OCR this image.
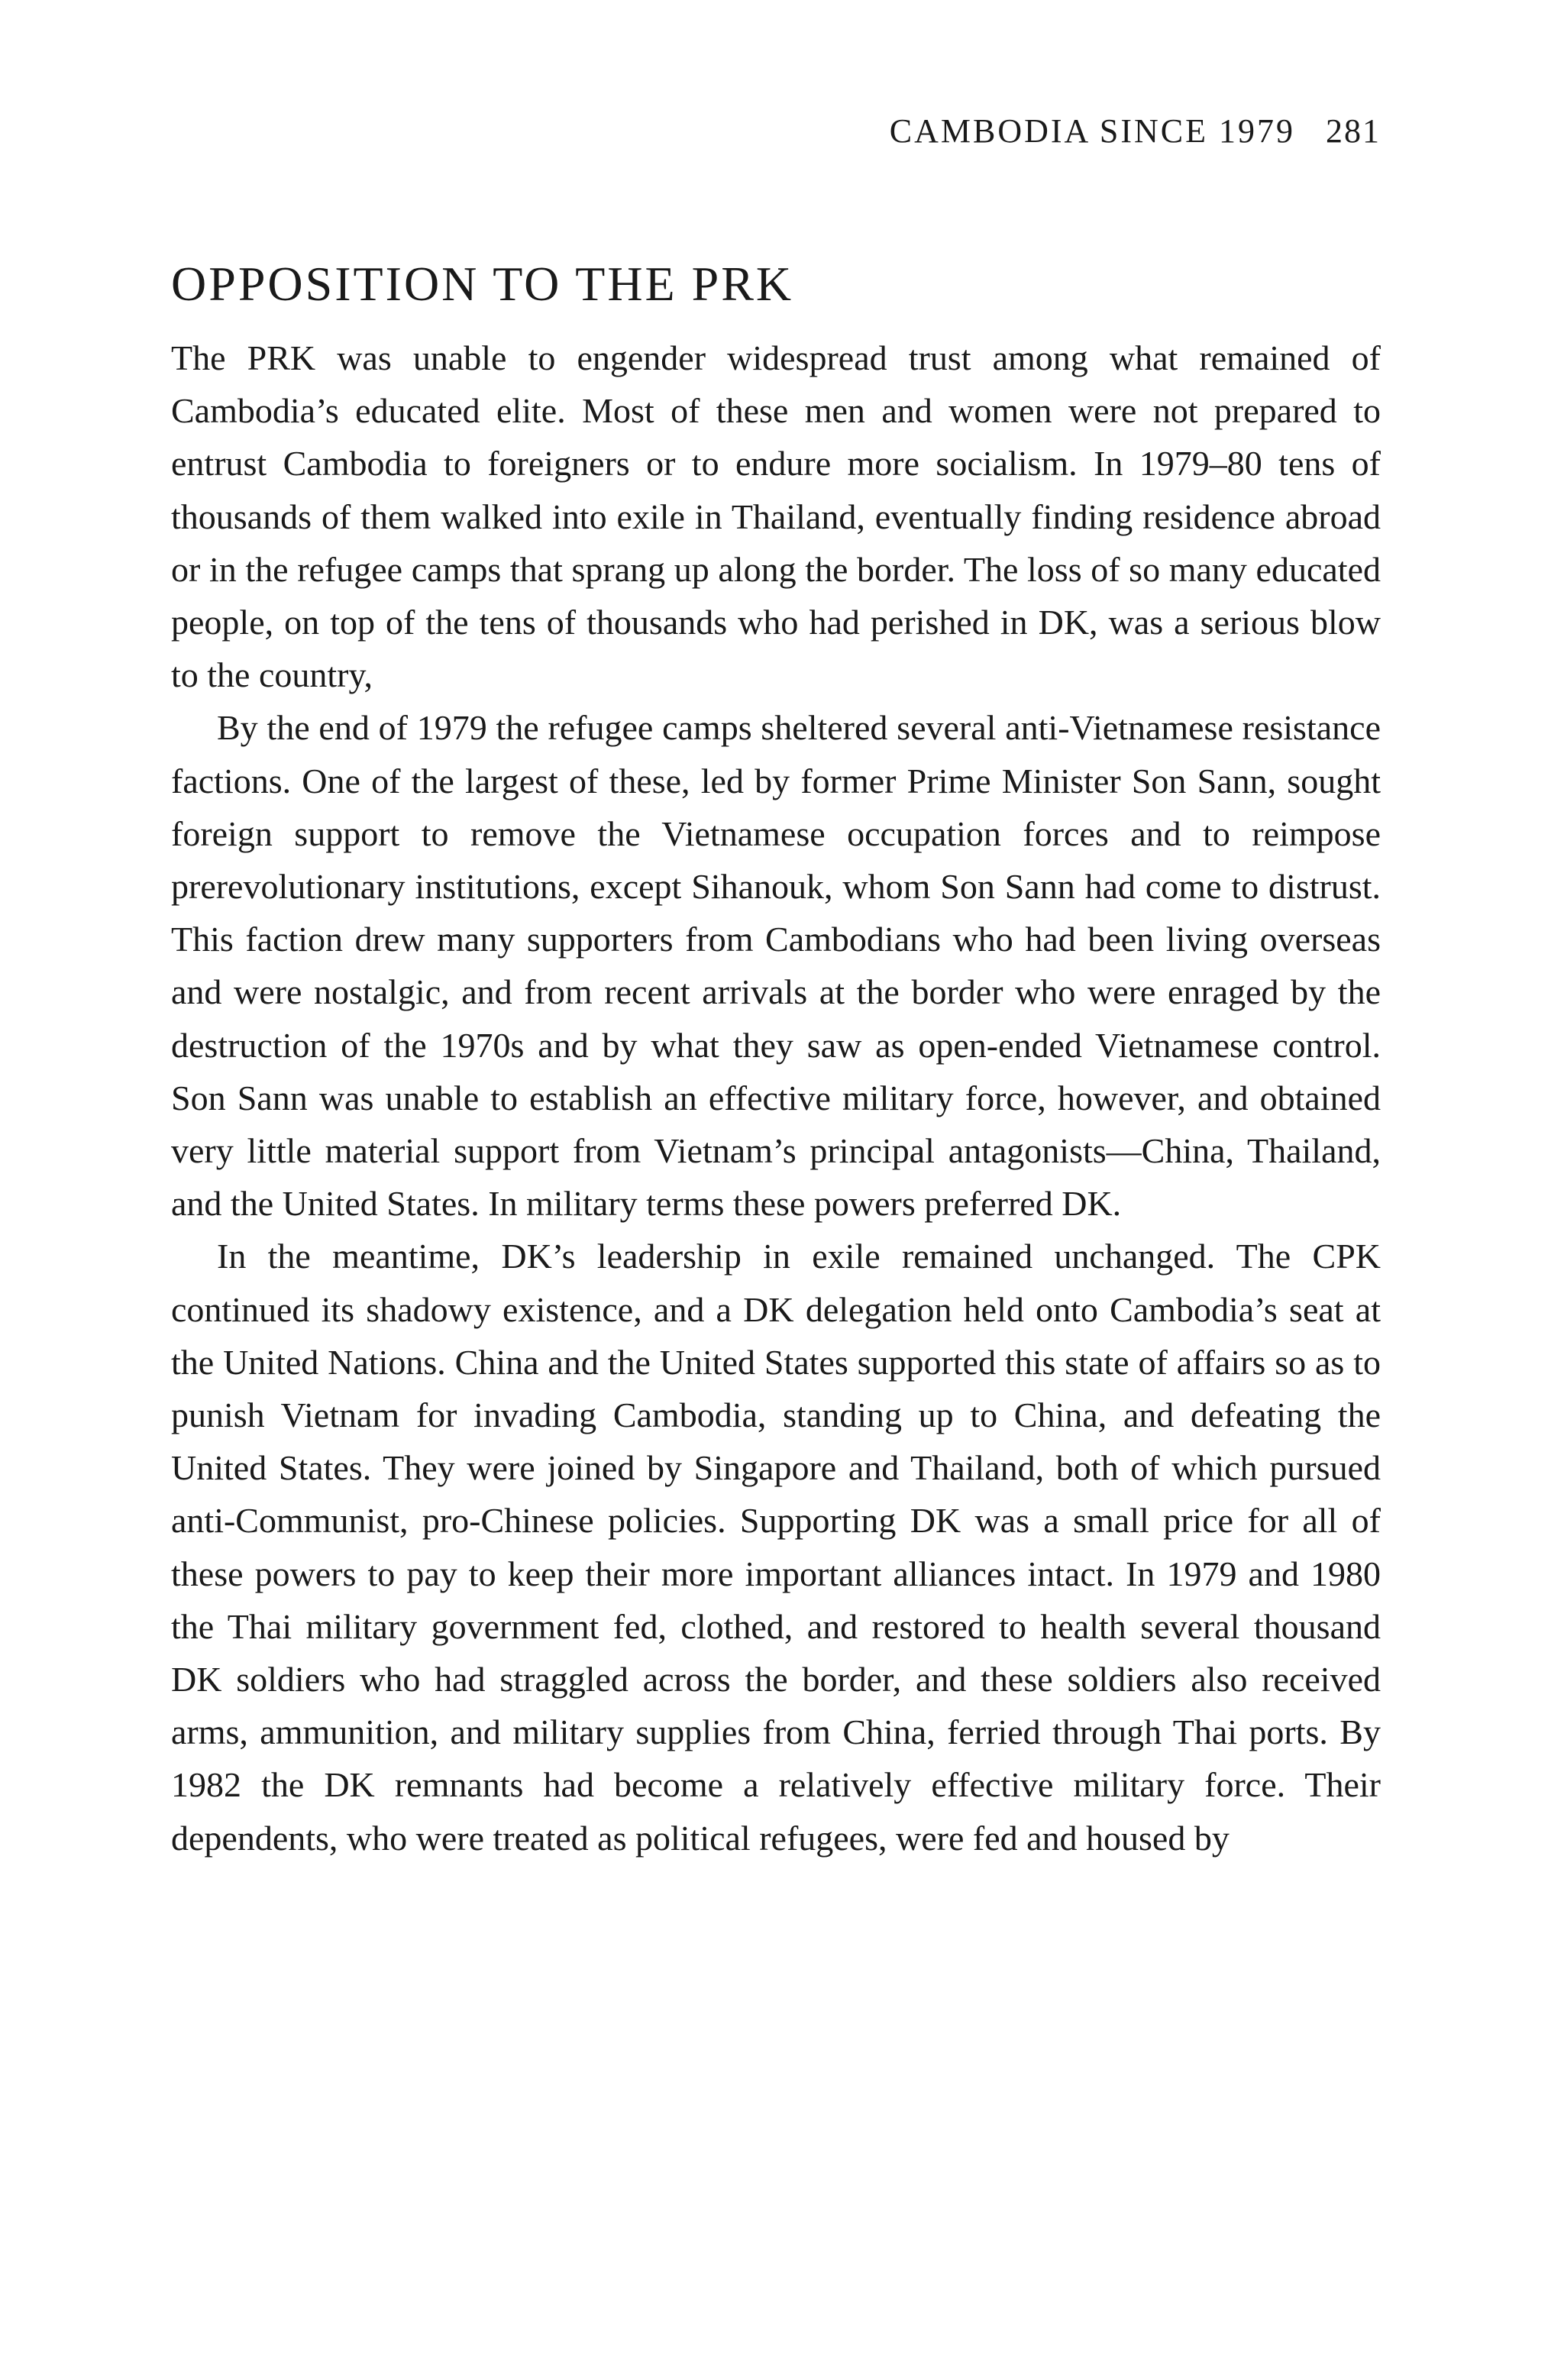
CAMBODIA SINCE 1979 281
OPPOSITION TO THE PRK

The PRK was unable to engender widespread trust among what remained of Cambodia’s educated elite. Most of these men and women were not prepared to entrust Cambodia to foreigners or to endure more socialism. In 1979–80 tens of thousands of them walked into exile in Thailand, eventually finding residence abroad or in the refugee camps that sprang up along the border. The loss of so many educated people, on top of the tens of thousands who had perished in DK, was a serious blow to the country,

By the end of 1979 the refugee camps sheltered several anti-Vietnamese resistance factions. One of the largest of these, led by former Prime Minister Son Sann, sought foreign support to remove the Vietnamese occupation forces and to reimpose prerevolutionary institutions, except Sihanouk, whom Son Sann had come to distrust. This faction drew many supporters from Cambodians who had been living overseas and were nostalgic, and from recent arrivals at the border who were enraged by the destruction of the 1970s and by what they saw as open-ended Vietnamese control. Son Sann was unable to establish an effective military force, however, and obtained very little material support from Vietnam’s principal antagonists—China, Thailand, and the United States. In military terms these powers preferred DK.

In the meantime, DK’s leadership in exile remained unchanged. The CPK continued its shadowy existence, and a DK delegation held onto Cambodia’s seat at the United Nations. China and the United States supported this state of affairs so as to punish Vietnam for invading Cambodia, standing up to China, and defeating the United States. They were joined by Singapore and Thailand, both of which pursued anti-Communist, pro-Chinese policies. Supporting DK was a small price for all of these powers to pay to keep their more important alliances intact. In 1979 and 1980 the Thai military government fed, clothed, and restored to health several thousand DK soldiers who had straggled across the border, and these soldiers also received arms, ammunition, and military supplies from China, ferried through Thai ports. By 1982 the DK remnants had become a relatively effective military force. Their dependents, who were treated as political refugees, were fed and housed by
